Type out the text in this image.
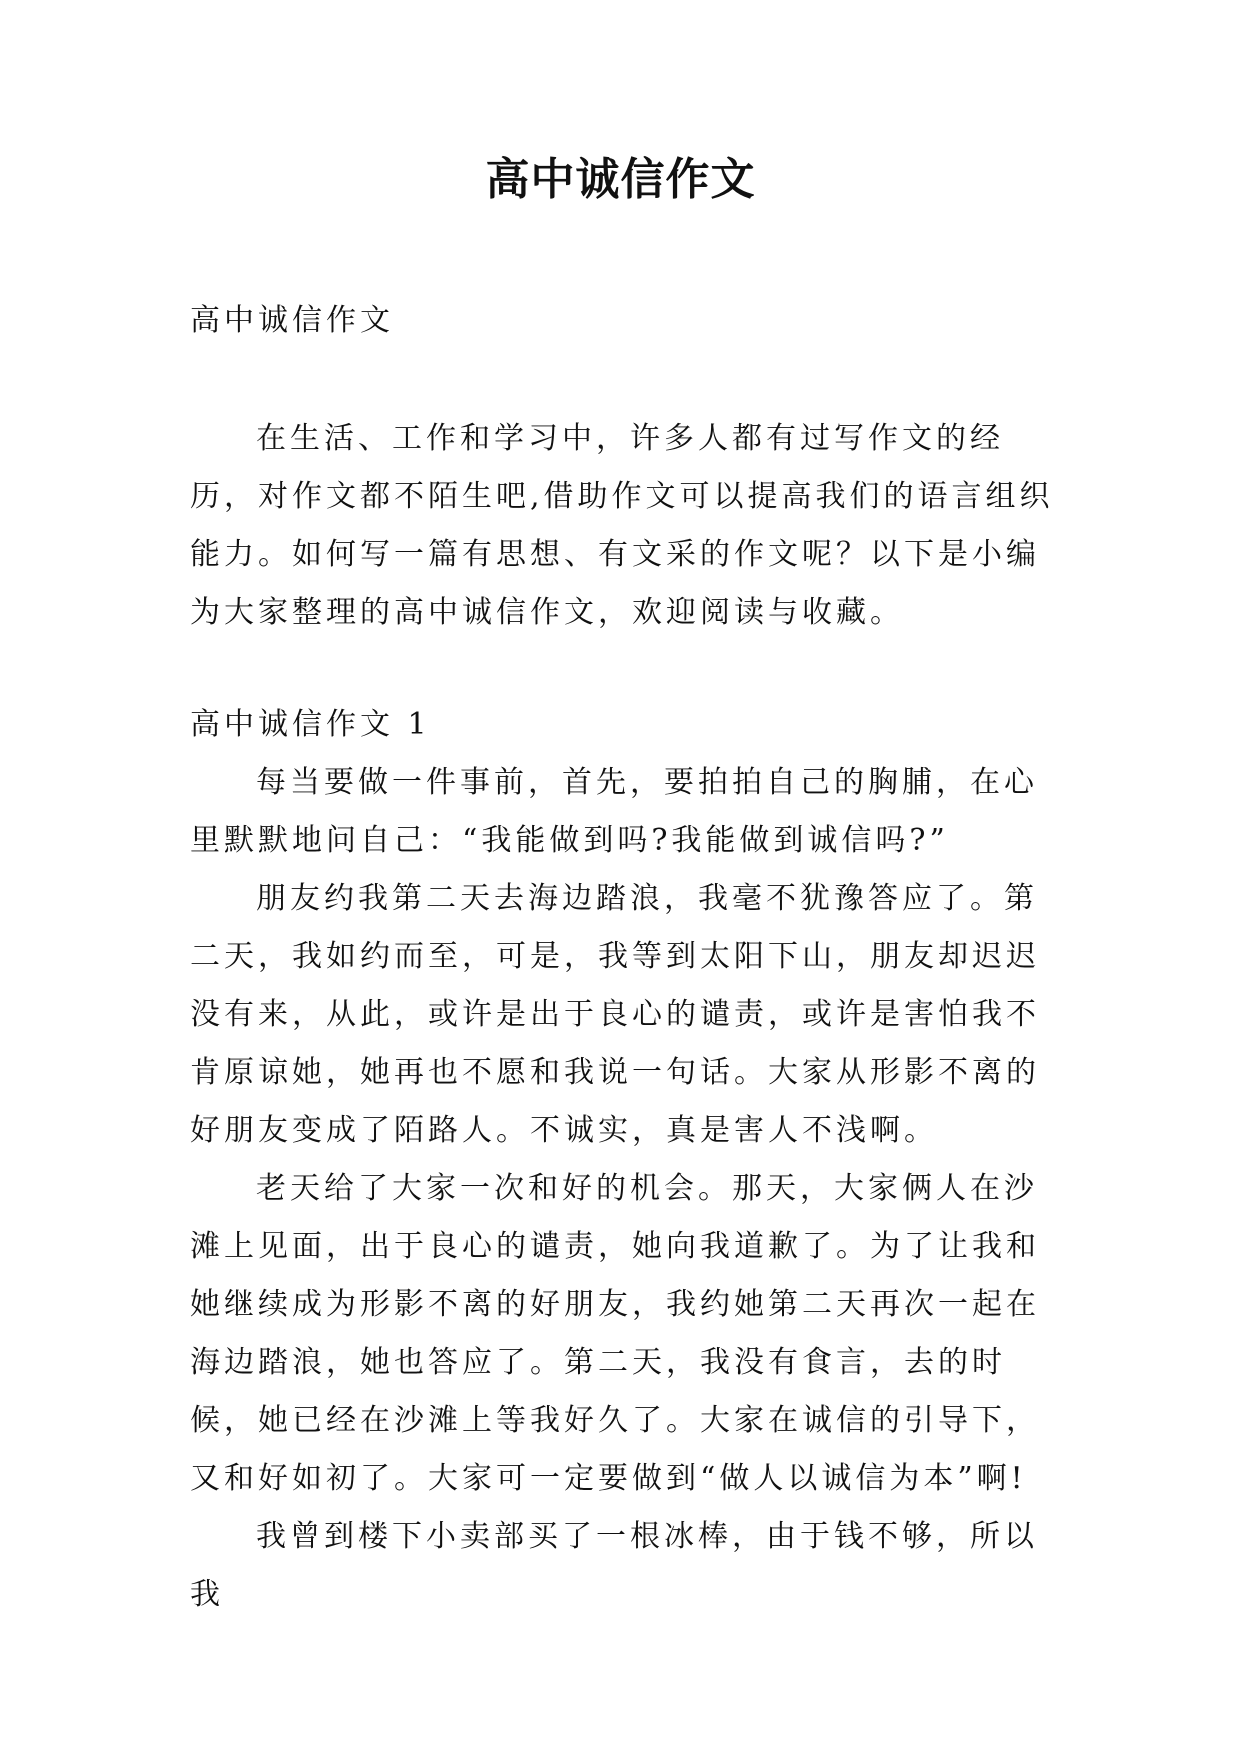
高中诚信作文

高中诚信作文

在生活、工作和学习中，许多人都有过写作文的经历，对作文都不陌生吧,借助作文可以提高我们的语言组织能力。如何写一篇有思想、有文采的作文呢？以下是小编为大家整理的高中诚信作文，欢迎阅读与收藏。

高中诚信作文 1

每当要做一件事前，首先，要拍拍自己的胸脯，在心里默默地问自己：“我能做到吗?我能做到诚信吗?”

朋友约我第二天去海边踏浪，我毫不犹豫答应了。第二天，我如约而至，可是，我等到太阳下山，朋友却迟迟没有来，从此，或许是出于良心的谴责，或许是害怕我不肯原谅她，她再也不愿和我说一句话。大家从形影不离的好朋友变成了陌路人。不诚实，真是害人不浅啊。

老天给了大家一次和好的机会。那天，大家俩人在沙滩上见面，出于良心的谴责，她向我道歉了。为了让我和她继续成为形影不离的好朋友，我约她第二天再次一起在海边踏浪，她也答应了。第二天，我没有食言，去的时候，她已经在沙滩上等我好久了。大家在诚信的引导下，又和好如初了。大家可一定要做到“做人以诚信为本”啊!

我曾到楼下小卖部买了一根冰棒，由于钱不够，所以我
